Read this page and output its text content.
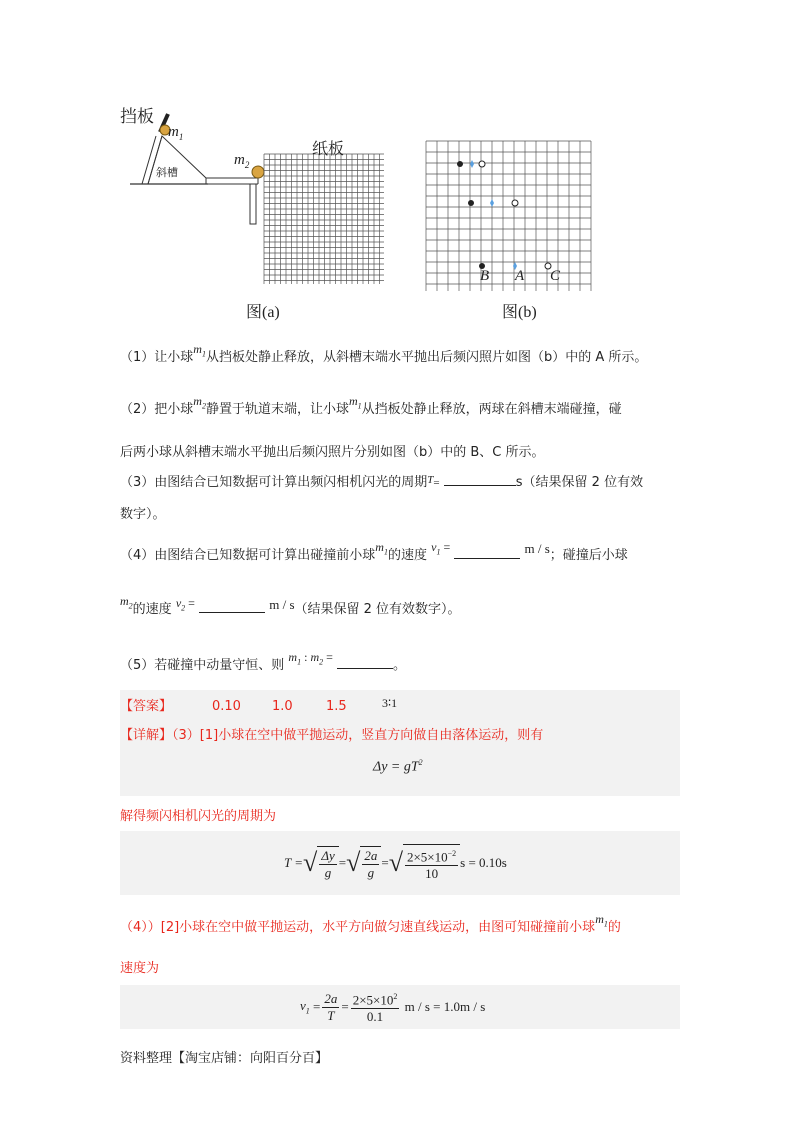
挡板
$m_1$
$m_2$
斜槽
纸板
图(a)
B A C
图(b)
（1）让小球$m_1$从挡板处静止释放，从斜槽末端水平抛出后频闪照片如图（b）中的 A 所示。
（2）把小球$m_2$静置于轨道末端，让小球$m_1$从挡板处静止释放，两球在斜槽末端碰撞，碰
后两小球从斜槽末端水平抛出后频闪照片分别如图（b）中的 B、C 所示。
（3）由图结合已知数据可计算出频闪相机闪光的周期$^T$=	s（结果保留 2 位有效
数字）。
（4）由图结合已知数据可计算出碰撞前小球$m_1$的速度 $v_1$ =	m / s；碰撞后小球
$m_2$的速度 $v_2$ =	m / s（结果保留 2 位有效数字）。
（5）若碰撞中动量守恒、则 $m_1$ : $m_2$ = 。
【答案】	0.10 1.0	1.5	3∶1
【详解】（3）[1]小球在空中做平抛运动，竖直方向做自由落体运动，则有
$\Delta y = gT^2$
解得频闪相机闪光的周期为
T = √ $\frac{\Delta y}{g}$ = √ $\frac{2a}{g}$ = √ $\frac{2\times 5\times 10^{-2}}{10}$ s = 0.10s
（4））[2]小球在空中做平抛运动，水平方向做匀速直线运动，由图可知碰撞前小球$m_1$的
速度为
$v_1 = \frac{2a}{T} = \frac{2\times 5\times 10^2}{0.1}$
m / s = 1.0m / s
资料整理【淘宝店铺：向阳百分百】
